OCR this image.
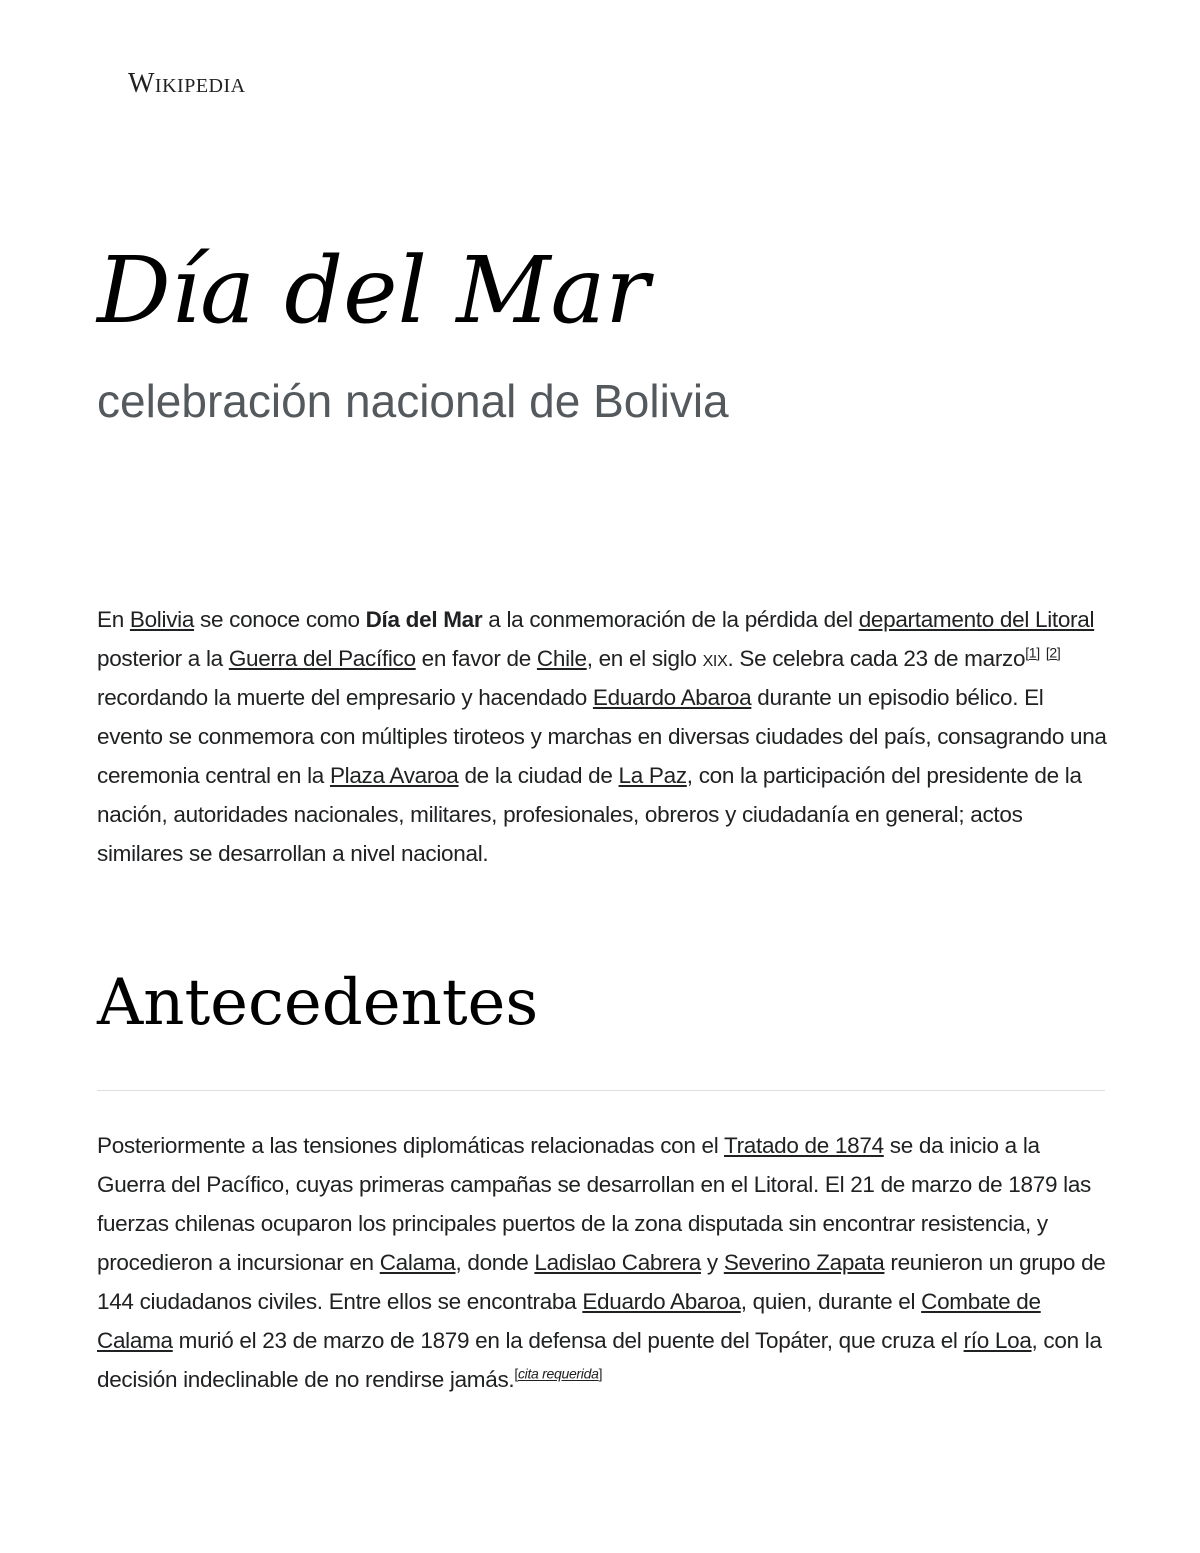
Wikipedia
Día del Mar
celebración nacional de Bolivia

En Bolivia se conoce como Día del Mar a la conmemoración de la pérdida del departamento del Litoral posterior a la Guerra del Pacífico en favor de Chile, en el siglo xix. Se celebra cada 23 de marzo[1] [2] recordando la muerte del empresario y hacendado Eduardo Abaroa durante un episodio bélico. El evento se conmemora con múltiples tiroteos y marchas en diversas ciudades del país, consagrando una ceremonia central en la Plaza Avaroa de la ciudad de La Paz, con la participación del presidente de la nación, autoridades nacionales, militares, profesionales, obreros y ciudadanía en general; actos similares se desarrollan a nivel nacional.

Antecedentes

Posteriormente a las tensiones diplomáticas relacionadas con el Tratado de 1874 se da inicio a la Guerra del Pacífico, cuyas primeras campañas se desarrollan en el Litoral. El 21 de marzo de 1879 las fuerzas chilenas ocuparon los principales puertos de la zona disputada sin encontrar resistencia, y procedieron a incursionar en Calama, donde Ladislao Cabrera y Severino Zapata reunieron un grupo de 144 ciudadanos civiles. Entre ellos se encontraba Eduardo Abaroa, quien, durante el Combate de Calama murió el 23 de marzo de 1879 en la defensa del puente del Topáter, que cruza el río Loa, con la decisión indeclinable de no rendirse jamás.[cita requerida]
